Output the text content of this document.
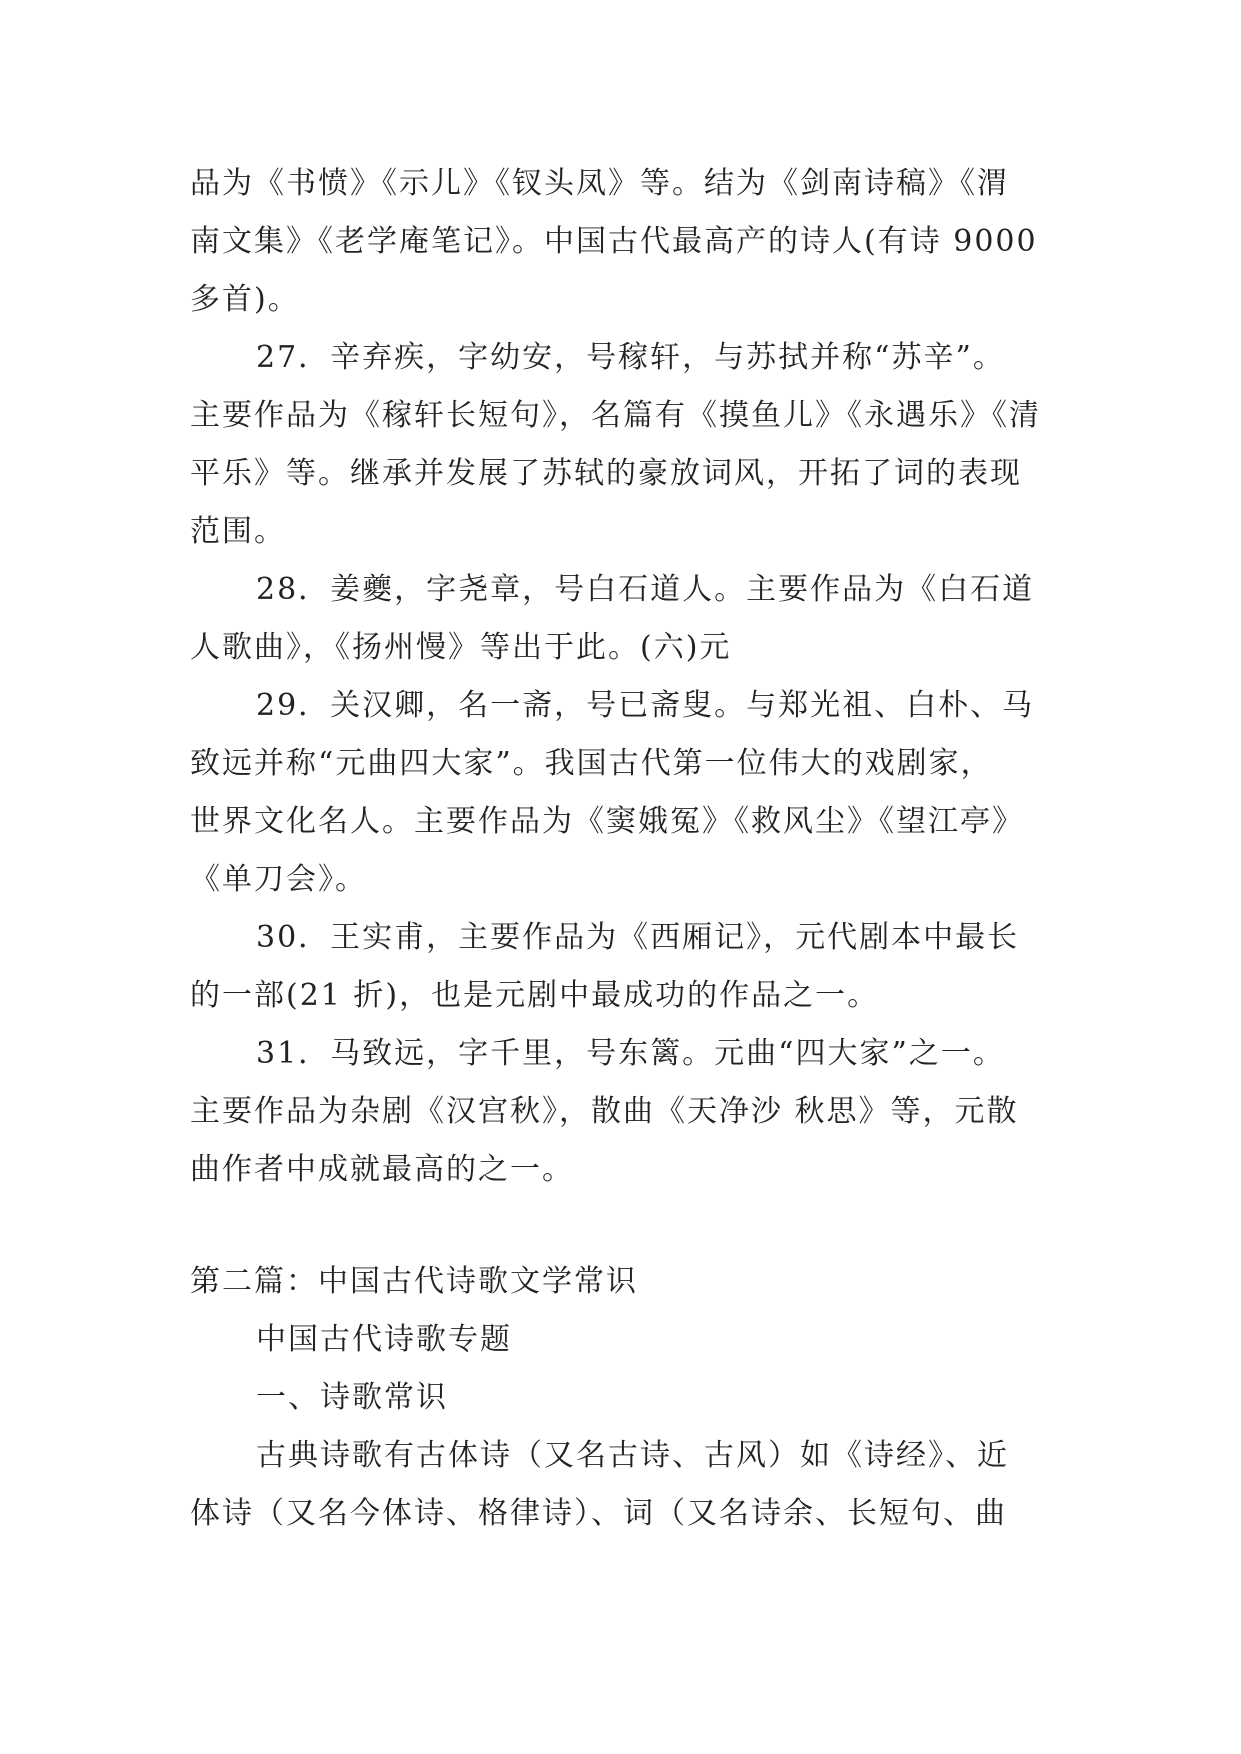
品为《书愤》《示儿》《钗头凤》等。结为《剑南诗稿》《渭
南文集》《老学庵笔记》。中国古代最高产的诗人(有诗 9000
多首)。
27．辛弃疾，字幼安，号稼轩，与苏拭并称“苏辛”。
主要作品为《稼轩长短句》，名篇有《摸鱼儿》《永遇乐》《清
平乐》等。继承并发展了苏轼的豪放词风，开拓了词的表现
范围。
28．姜夔，字尧章，号白石道人。主要作品为《白石道
人歌曲》，《扬州慢》等出于此。(六)元
29．关汉卿，名一斋，号已斋叟。与郑光祖、白朴、马
致远并称“元曲四大家”。我国古代第一位伟大的戏剧家，
世界文化名人。主要作品为《窦娥冤》《救风尘》《望江亭》
《单刀会》。
30．王实甫，主要作品为《西厢记》，元代剧本中最长
的一部(21 折)，也是元剧中最成功的作品之一。
31．马致远，字千里，号东篱。元曲“四大家”之一。
主要作品为杂剧《汉宫秋》，散曲《天净沙 秋思》等，元散
曲作者中成就最高的之一。
第二篇：中国古代诗歌文学常识
中国古代诗歌专题
一、诗歌常识
古典诗歌有古体诗（又名古诗、古风）如《诗经》、近
体诗（又名今体诗、格律诗）、词（又名诗余、长短句、曲
